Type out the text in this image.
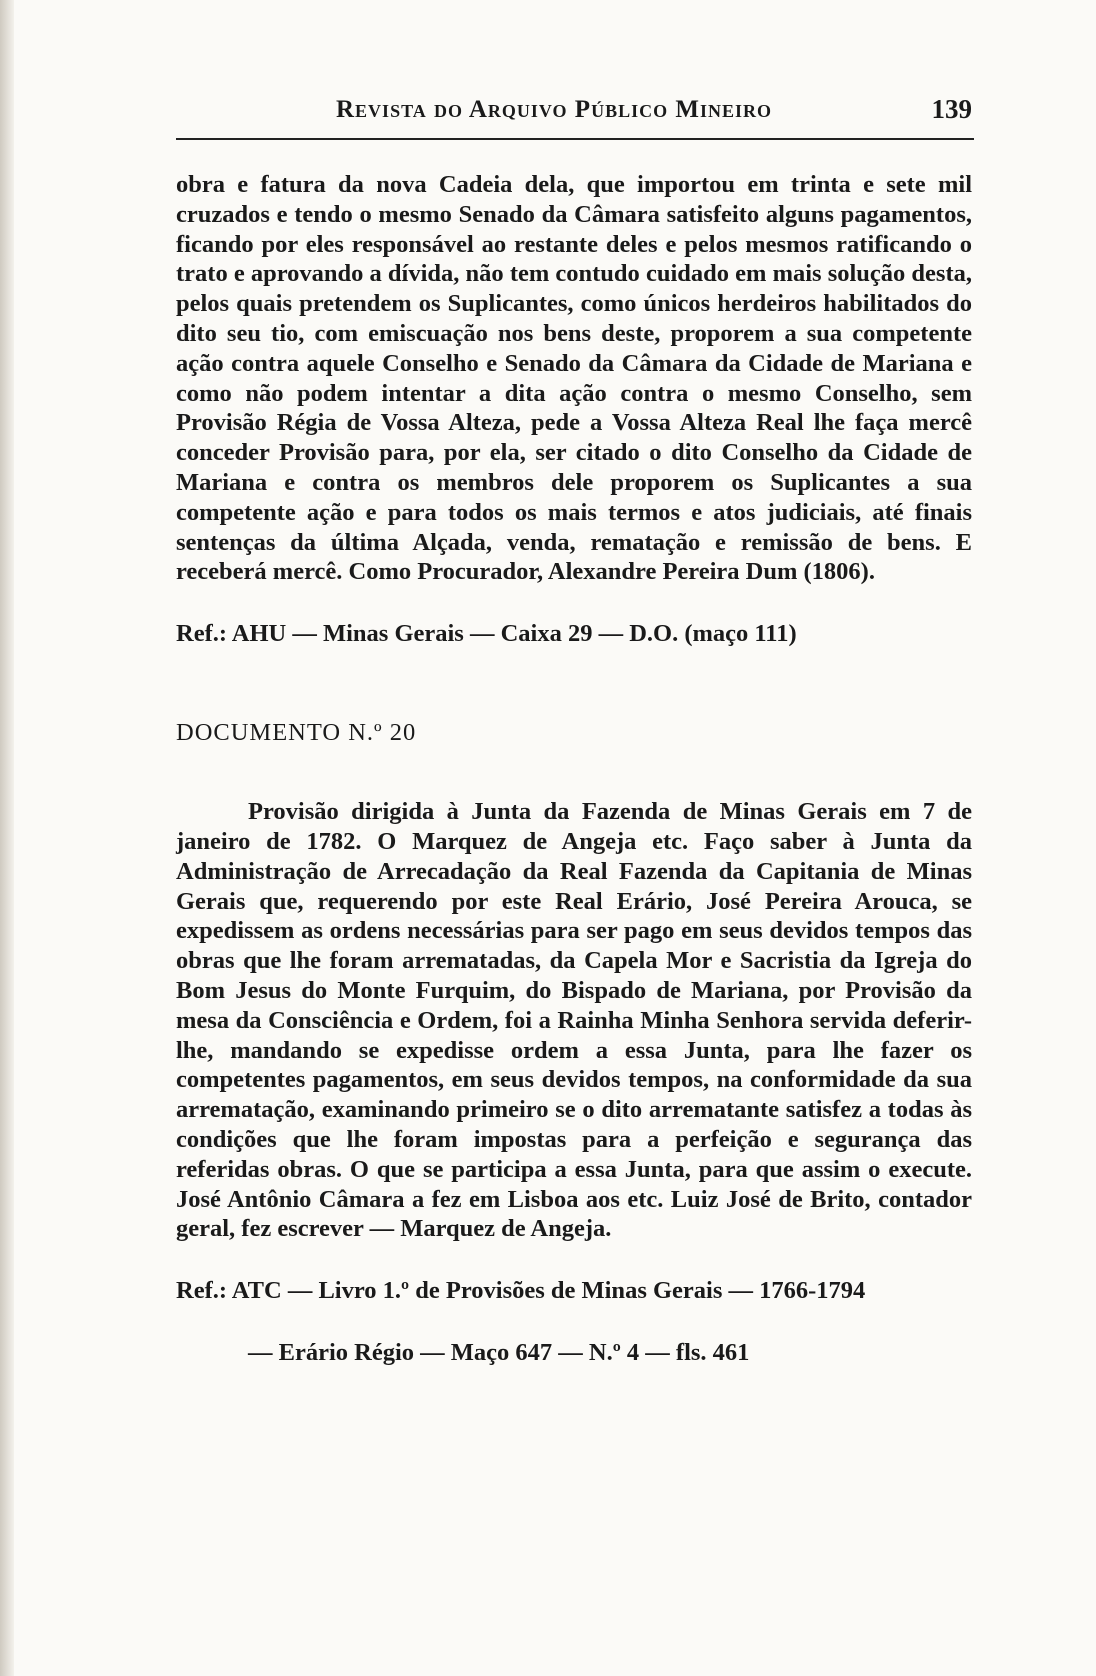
Revista do Arquivo Público Mineiro	139

obra e fatura da nova Cadeia dela, que importou em trinta e sete mil cruzados e tendo o mesmo Senado da Câmara satisfeito alguns pagamentos, ficando por eles responsável ao restante deles e pelos mesmos ratificando o trato e aprovando a dívida, não tem contudo cuidado em mais solução desta, pelos quais pretendem os Suplicantes, como únicos herdeiros habilitados do dito seu tio, com emiscuação nos bens deste, proporem a sua competente ação contra aquele Conselho e Senado da Câmara da Cidade de Mariana e como não podem intentar a dita ação contra o mesmo Conselho, sem Provisão Régia de Vossa Alteza, pede a Vossa Alteza Real lhe faça mercê conceder Provisão para, por ela, ser citado o dito Conselho da Cidade de Mariana e contra os membros dele proporem os Suplicantes a sua competente ação e para todos os mais termos e atos judiciais, até finais sentenças da última Alçada, venda, rematação e remissão de bens. E receberá mercê. Como Procurador, Alexandre Pereira Dum (1806).

Ref.: AHU — Minas Gerais — Caixa 29 — D.O. (maço 111)

DOCUMENTO N.º 20

Provisão dirigida à Junta da Fazenda de Minas Gerais em 7 de janeiro de 1782. O Marquez de Angeja etc. Faço saber à Junta da Administração de Arrecadação da Real Fazenda da Capitania de Minas Gerais que, requerendo por este Real Erário, José Pereira Arouca, se expedissem as ordens necessárias para ser pago em seus devidos tempos das obras que lhe foram arrematadas, da Capela Mor e Sacristia da Igreja do Bom Jesus do Monte Furquim, do Bispado de Mariana, por Provisão da mesa da Consciência e Ordem, foi a Rainha Minha Senhora servida deferir-lhe, mandando se expedisse ordem a essa Junta, para lhe fazer os competentes pagamentos, em seus devidos tempos, na conformidade da sua arrematação, examinando primeiro se o dito arrematante satisfez a todas às condições que lhe foram impostas para a perfeição e segurança das referidas obras. O que se participa a essa Junta, para que assim o execute. José Antônio Câmara a fez em Lisboa aos etc. Luiz José de Brito, contador geral, fez escrever — Marquez de Angeja.

Ref.: ATC — Livro 1.º de Provisões de Minas Gerais — 1766-1794
— Erário Régio — Maço 647 — N.º 4 — fls. 461
